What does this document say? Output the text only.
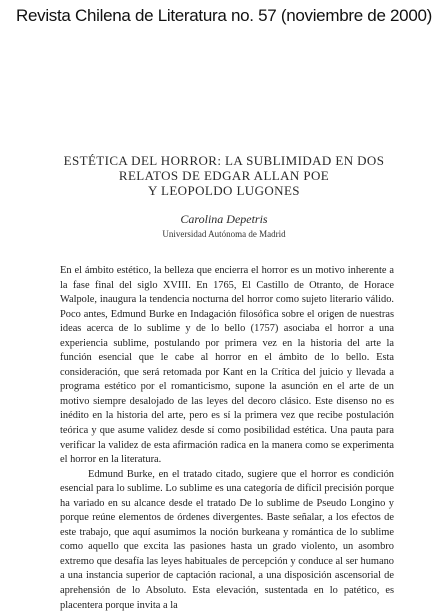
Revista Chilena de Literatura no. 57 (noviembre de 2000)
ESTÉTICA DEL HORROR: LA SUBLIMIDAD EN DOS
RELATOS DE EDGAR ALLAN POE
Y LEOPOLDO LUGONES
Carolina Depetris
Universidad Autónoma de Madrid

En el ámbito estético, la belleza que encierra el horror es un motivo inherente a la fase final del siglo XVIII. En 1765, El Castillo de Otranto, de Horace Walpole, inaugura la tendencia nocturna del horror como sujeto literario válido. Poco antes, Edmund Burke en Indagación filosófica sobre el origen de nuestras ideas acerca de lo sublime y de lo bello (1757) asociaba el horror a una experiencia sublime, postulando por primera vez en la historia del arte la función esencial que le cabe al horror en el ámbito de lo bello. Esta consideración, que será retomada por Kant en la Crítica del juicio y llevada a programa estético por el romanticismo, supone la asunción en el arte de un motivo siempre desalojado de las leyes del decoro clásico. Este disenso no es inédito en la historia del arte, pero es sí la primera vez que recibe postulación teórica y que asume validez desde sí como posibilidad estética. Una pauta para verificar la validez de esta afirmación radica en la manera como se experimenta el horror en la literatura.

Edmund Burke, en el tratado citado, sugiere que el horror es condición esencial para lo sublime. Lo sublime es una categoría de difícil precisión porque ha variado en su alcance desde el tratado De lo sublime de Pseudo Longino y porque reúne elementos de órdenes divergentes. Baste señalar, a los efectos de este trabajo, que aquí asumimos la noción burkeana y romántica de lo sublime como aquello que excita las pasiones hasta un grado violento, un asombro extremo que desafía las leyes habituales de percepción y conduce al ser humano a una instancia superior de captación racional, a una disposición ascensorial de aprehensión de lo Absoluto. Esta elevación, sustentada en lo patético, es placentera porque invita a la
